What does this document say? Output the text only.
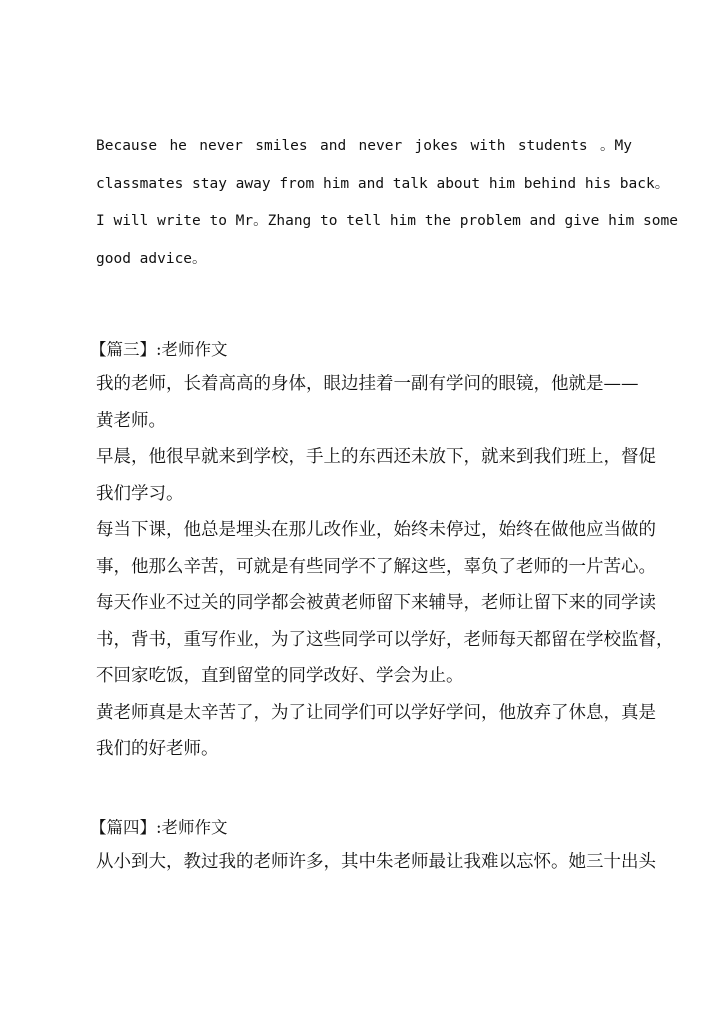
Because he never smiles and never jokes with students 。My

classmates stay away from him and talk about him behind his back。

I will write to Mr。Zhang to tell him the problem and give him some

good advice。

【篇三】:老师作文

我的老师，长着高高的身体，眼边挂着一副有学问的眼镜，他就是——

黄老师。

早晨，他很早就来到学校，手上的东西还未放下，就来到我们班上，督促

我们学习。

每当下课，他总是埋头在那儿改作业，始终未停过，始终在做他应当做的

事，他那么辛苦，可就是有些同学不了解这些，辜负了老师的一片苦心。

每天作业不过关的同学都会被黄老师留下来辅导，老师让留下来的同学读

书，背书，重写作业，为了这些同学可以学好，老师每天都留在学校监督，

不回家吃饭，直到留堂的同学改好、学会为止。

黄老师真是太辛苦了，为了让同学们可以学好学问，他放弃了休息，真是

我们的好老师。

【篇四】:老师作文

从小到大，教过我的老师许多，其中朱老师最让我难以忘怀。她三十出头
